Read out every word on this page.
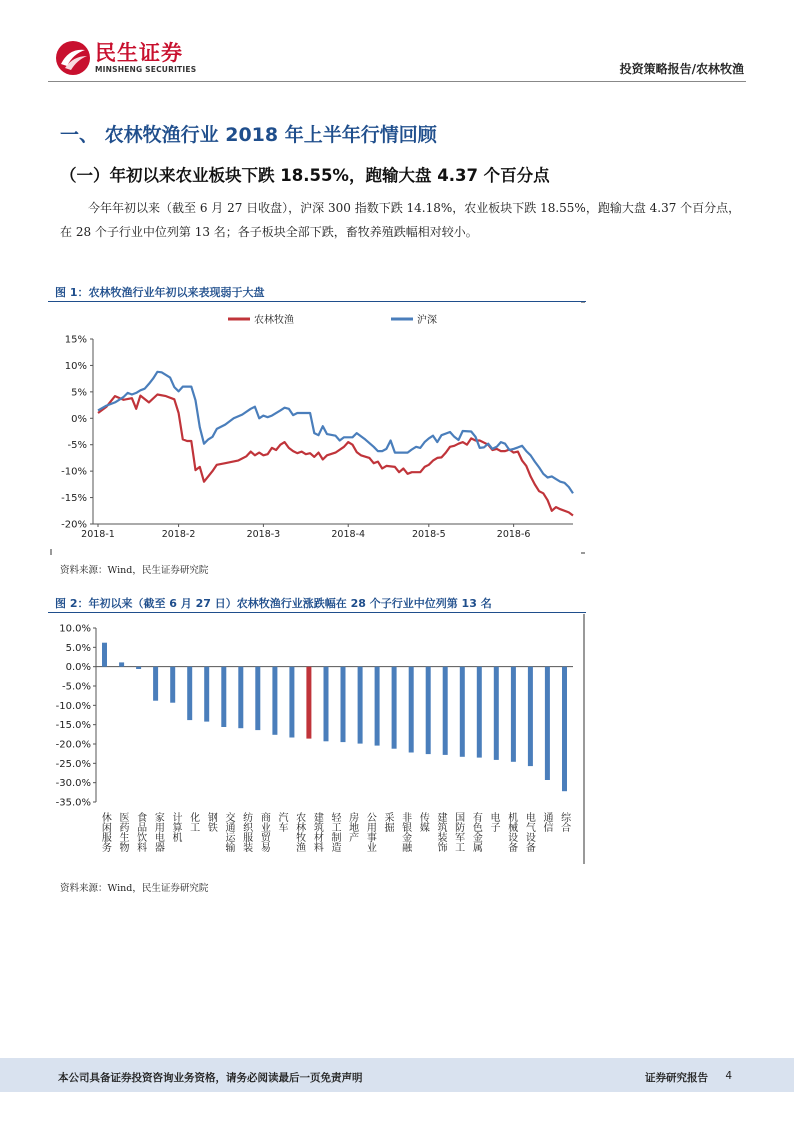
民生证券
MINSHENG SECURITIES	投资策略报告/农林牧渔
一、 农林牧渔行业 2018 年上半年行情回顾
（一）年初以来农业板块下跌 18.55%，跑输大盘 4.37 个百分点
今年年初以来（截至 6 月 27 日收盘），沪深 300 指数下跌 14.18%，农业板块下跌 18.55%，跑输大盘 4.37 个百分点，在 28 个子行业中位列第 13 名；各子板块全部下跌，畜牧养殖跌幅相对较小。
图 1：农林牧渔行业年初以来表现弱于大盘
15%
10%
5%
0%
-5%
-10%
-15%
-20%
2018-1	2018-2	2018-3	2018-4	2018-5	2018-6
农林牧渔	沪深
资料来源：Wind，民生证券研究院
图 2：年初以来（截至 6 月 27 日）农林牧渔行业涨跌幅在 28 个子行业中位列第 13 名
10.0%
5.0%
0.0%
-5.0%
-10.0%
-15.0%
-20.0%
-25.0%
-30.0%
-35.0%
休闲服务 医药生物 食品饮料 家用电器 计算机 化工 钢铁 交通运输 纺织服装 商业贸易 汽车 农林牧渔 建筑材料 轻工制造 房地产 公用事业 采掘 非银金融 传媒 建筑装饰 国防军工 有色金属 电子 机械设备 电气设备 通信 综合
资料来源：Wind，民生证券研究院
本公司具备证券投资咨询业务资格，请务必阅读最后一页免责声明	证券研究报告 4
